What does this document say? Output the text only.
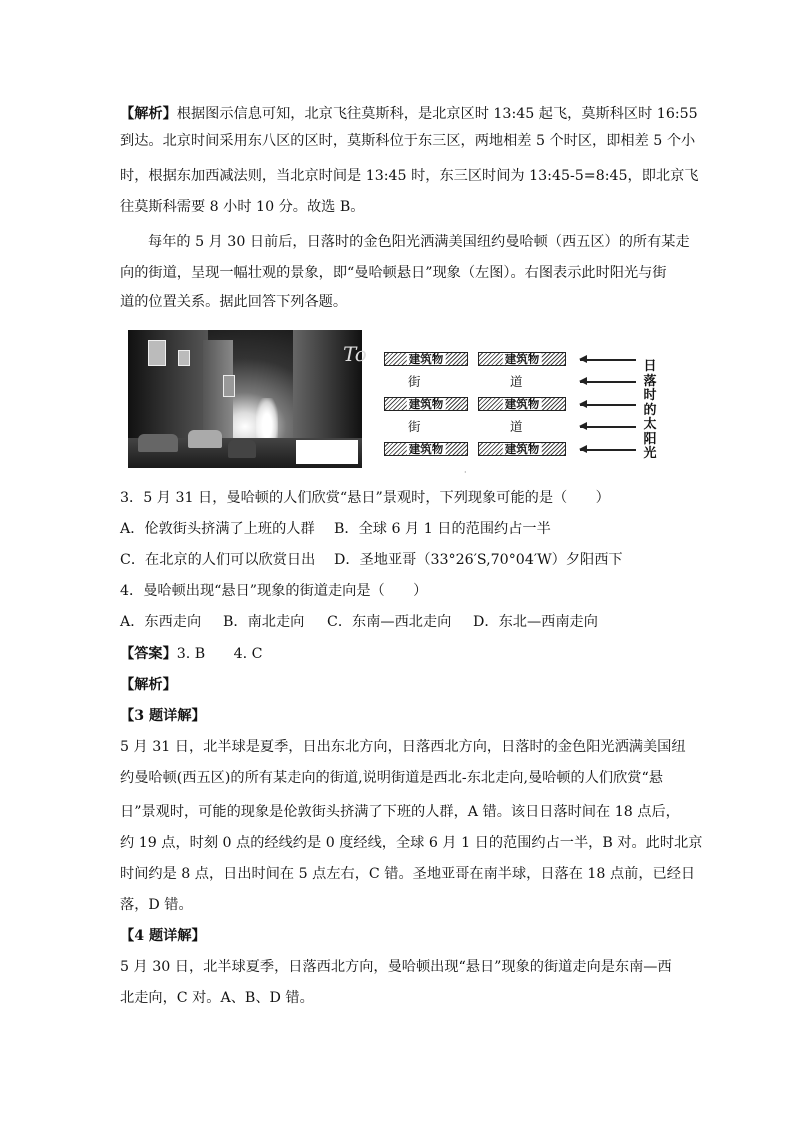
【解析】根据图示信息可知，北京飞往莫斯科，是北京区时 13:45 起飞，莫斯科区时 16:55
到达。北京时间采用东八区的区时，莫斯科位于东三区，两地相差 5 个时区，即相差 5 个小
时，根据东加西减法则，当北京时间是 13:45 时，东三区时间为 13:45-5=8:45，即北京飞
往莫斯科需要 8 小时 10 分。故选 B。
每年的 5 月 30 日前后，日落时的金色阳光洒满美国纽约曼哈顿（西五区）的所有某走
向的街道，呈现一幅壮观的景象，即“曼哈顿悬日”现象（左图）。右图表示此时阳光与街
道的位置关系。据此回答下列各题。
3．5 月 31 日，曼哈顿的人们欣赏“悬日”景观时，下列现象可能的是（　　）
A．伦敦街头挤满了上班的人群 B．全球 6 月 1 日的范围约占一半
C．在北京的人们可以欣赏日出 D．圣地亚哥（33°26′S,70°04′W）夕阳西下
4．曼哈顿出现“悬日”现象的街道走向是（　　）
A．东西走向 B．南北走向 C．东南—西北走向 D．东北—西南走向
【答案】3. B　　4. C
【解析】
【3 题详解】
5 月 31 日，北半球是夏季，日出东北方向，日落西北方向，日落时的金色阳光洒满美国纽
约曼哈顿(西五区)的所有某走向的街道,说明街道是西北-东北走向,曼哈顿的人们欣赏“悬
日”景观时，可能的现象是伦敦街头挤满了下班的人群，A 错。该日日落时间在 18 点后，
约 19 点，时刻 0 点的经线约是 0 度经线，全球 6 月 1 日的范围约占一半，B 对。此时北京
时间约是 8 点，日出时间在 5 点左右，C 错。圣地亚哥在南半球，日落在 18 点前，已经日
落，D 错。
【4 题详解】
5 月 30 日，北半球夏季，日落西北方向，曼哈顿出现“悬日”现象的街道走向是东南—西
北走向，C 对。A、B、D 错。
To	建筑物	建筑物
街	道
建筑物	建筑物
街	道
建筑物	建筑物
日
落
时
的
太
阳
光
·
